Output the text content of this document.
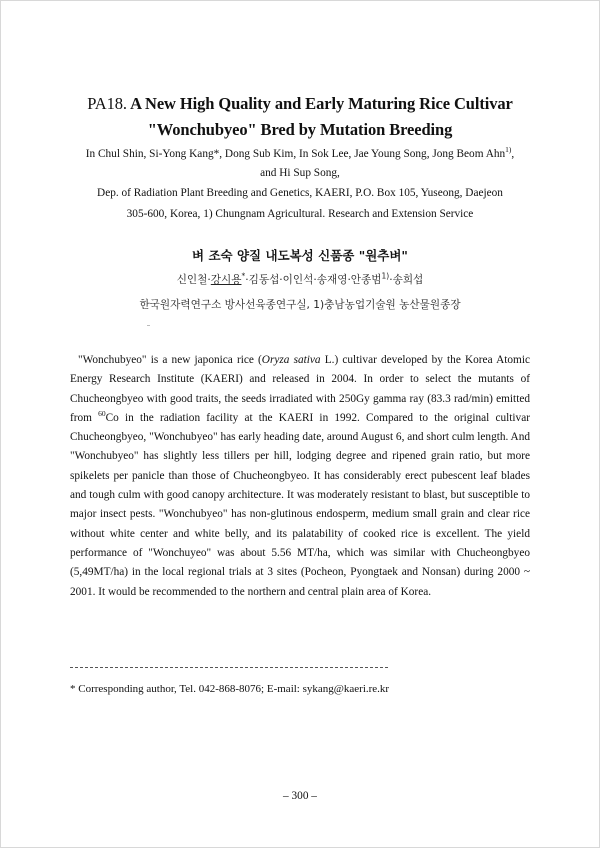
PA18. A New High Quality and Early Maturing Rice Cultivar
"Wonchubyeo" Bred by Mutation Breeding
In Chul Shin, Si-Yong Kang*, Dong Sub Kim, In Sok Lee, Jae Young Song, Jong Beom Ahn$^{1)}$,
and Hi Sup Song,
Dep. of Radiation Plant Breeding and Genetics, KAERI, P.O. Box 105, Yuseong, Daejeon
305-600, Korea, 1) Chungnam Agricultural. Research and Extension Service
벼 조숙 양질 내도복성 신품종 "원추벼"
신인철·강시용*·김동섭·이인석·송재영·안종범$^{1)}$·송희섭
한국원자력연구소 방사선육종연구실, 1)충남농업기술원 농산물원종장
"Wonchubyeo" is a new japonica rice (Oryza sativa L.) cultivar developed by the Korea Atomic Energy Research Institute (KAERI) and released in 2004. In order to select the mutants of Chucheongbyeo with good traits, the seeds irradiated with 250Gy gamma ray (83.3 rad/min) emitted from $^{60}$Co in the radiation facility at the KAERI in 1992. Compared to the original cultivar Chucheongbyeo, "Wonchubyeo" has early heading date, around August 6, and short culm length. And "Wonchubyeo" has slightly less tillers per hill, lodging degree and ripened grain ratio, but more spikelets per panicle than those of Chucheongbyeo. It has considerably erect pubescent leaf blades and tough culm with good canopy architecture. It was moderately resistant to blast, but susceptible to major insect pests. "Wonchubyeo" has non-glutinous endosperm, medium small grain and clear rice without white center and white belly, and its palatability of cooked rice is excellent. The yield performance of "Wonchuyeo" was about 5.56 MT/ha, which was similar with Chucheongbyeo (5,49MT/ha) in the local regional trials at 3 sites (Pocheon, Pyongtaek and Nonsan) during 2000 ~ 2001. It would be recommended to the northern and central plain area of Korea.
* Corresponding author, Tel. 042-868-8076; E-mail: sykang@kaeri.re.kr
– 300 –
